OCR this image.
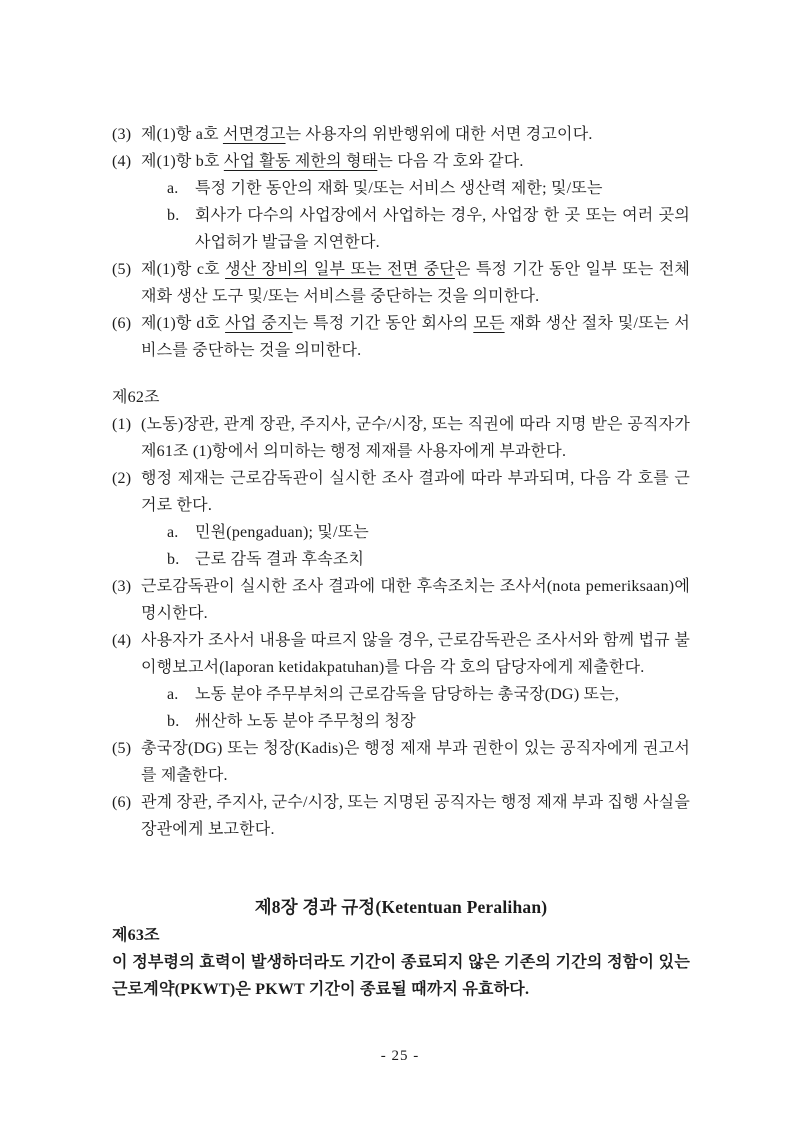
(3) 제(1)항 a호 서면경고는 사용자의 위반행위에 대한 서면 경고이다.
(4) 제(1)항 b호 사업 활동 제한의 형태는 다음 각 호와 같다.
a. 특정 기한 동안의 재화 및/또는 서비스 생산력 제한; 및/또는
b. 회사가 다수의 사업장에서 사업하는 경우, 사업장 한 곳 또는 여러 곳의 사업허가 발급을 지연한다.
(5) 제(1)항 c호 생산 장비의 일부 또는 전면 중단은 특정 기간 동안 일부 또는 전체 재화 생산 도구 및/또는 서비스를 중단하는 것을 의미한다.
(6) 제(1)항 d호 사업 중지는 특정 기간 동안 회사의 모든 재화 생산 절차 및/또는 서비스를 중단하는 것을 의미한다.
제62조
(1) (노동)장관, 관계 장관, 주지사, 군수/시장, 또는 직권에 따라 지명 받은 공직자가 제61조 (1)항에서 의미하는 행정 제재를 사용자에게 부과한다.
(2) 행정 제재는 근로감독관이 실시한 조사 결과에 따라 부과되며, 다음 각 호를 근거로 한다.
a. 민원(pengaduan); 및/또는
b. 근로 감독 결과 후속조치
(3) 근로감독관이 실시한 조사 결과에 대한 후속조치는 조사서(nota pemeriksaan)에 명시한다.
(4) 사용자가 조사서 내용을 따르지 않을 경우, 근로감독관은 조사서와 함께 법규 불이행보고서(laporan ketidakpatuhan)를 다음 각 호의 담당자에게 제출한다.
a. 노동 분야 주무부처의 근로감독을 담당하는 총국장(DG) 또는,
b. 州산하 노동 분야 주무청의 청장
(5) 총국장(DG) 또는 청장(Kadis)은 행정 제재 부과 권한이 있는 공직자에게 권고서를 제출한다.
(6) 관계 장관, 주지사, 군수/시장, 또는 지명된 공직자는 행정 제재 부과 집행 사실을 장관에게 보고한다.
제8장 경과 규정(Ketentuan Peralihan)
제63조
이 정부령의 효력이 발생하더라도 기간이 종료되지 않은 기존의 기간의 정함이 있는 근로계약(PKWT)은 PKWT 기간이 종료될 때까지 유효하다.
- 25 -
